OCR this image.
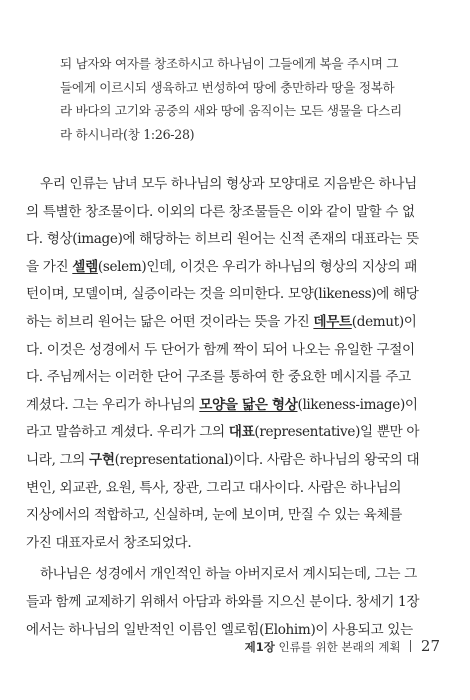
되 남자와 여자를 창조하시고 하나님이 그들에게 복을 주시며 그
들에게 이르시되 생육하고 번성하여 땅에 충만하라 땅을 정복하
라 바다의 고기와 공중의 새와 땅에 움직이는 모든 생물을 다스리
라 하시니라(창 1:26-28)
우리 인류는 남녀 모두 하나님의 형상과 모양대로 지음받은 하나님
의 특별한 창조물이다. 이외의 다른 창조물들은 이와 같이 말할 수 없
다. 형상(image)에 해당하는 히브리 원어는 신적 존재의 대표라는 뜻
을 가진 셀렘(selem)인데, 이것은 우리가 하나님의 형상의 지상의 패
턴이며, 모델이며, 실증이라는 것을 의미한다. 모양(likeness)에 해당
하는 히브리 원어는 닮은 어떤 것이라는 뜻을 가진 데무트(demut)이
다. 이것은 성경에서 두 단어가 함께 짝이 되어 나오는 유일한 구절이
다. 주님께서는 이러한 단어 구조를 통하여 한 중요한 메시지를 주고
계셨다. 그는 우리가 하나님의 모양을 닮은 형상(likeness-image)이
라고 말씀하고 계셨다. 우리가 그의 대표(representative)일 뿐만 아
니라, 그의 구현(representational)이다. 사람은 하나님의 왕국의 대
변인, 외교관, 요원, 특사, 장관, 그리고 대사이다. 사람은 하나님의
지상에서의 적합하고, 신실하며, 눈에 보이며, 만질 수 있는 육체를
가진 대표자로서 창조되었다.
하나님은 성경에서 개인적인 하늘 아버지로서 계시되는데, 그는 그
들과 함께 교제하기 위해서 아담과 하와를 지으신 분이다. 창세기 1장
에서는 하나님의 일반적인 이름인 엘로힘(Elohim)이 사용되고 있는
제1장 인류를 위한 본래의 계획 27
